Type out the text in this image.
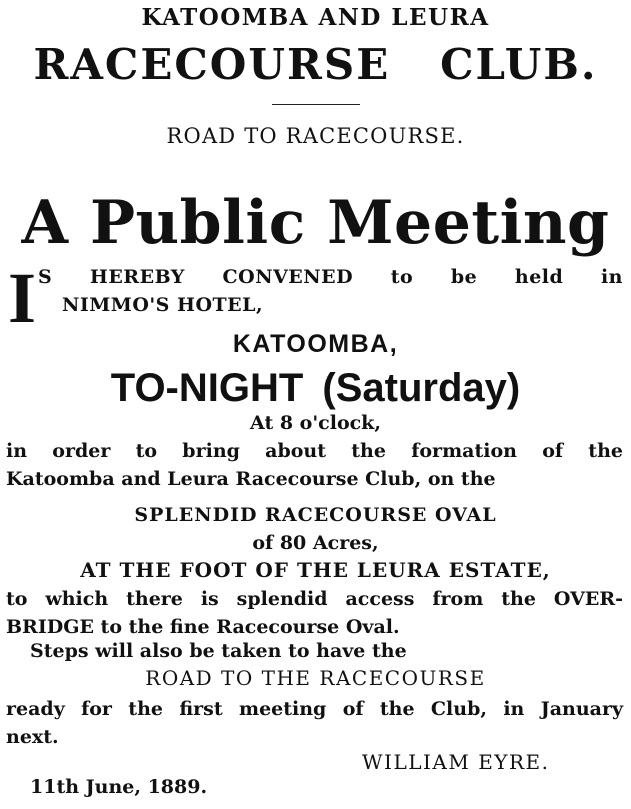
KATOOMBA AND LEURA
RACECOURSE   CLUB.
ROAD TO RACECOURSE.
A Public Meeting
I S HEREBY CONVENED to be held in
NIMMO'S HOTEL,
KATOOMBA,
TO-NIGHT (Saturday)
At 8 o'clock,
in order to bring about the formation of the
Katoomba and Leura Racecourse Club, on the
SPLENDID RACECOURSE OVAL
of 80 Acres,
AT THE FOOT OF THE LEURA ESTATE,
to which there is splendid access from the OVER-
BRIDGE to the fine Racecourse Oval.
Steps will also be taken to have the
ROAD TO THE RACECOURSE
ready for the first meeting of the Club, in January
next.
WILLIAM EYRE.
11th June, 1889.
